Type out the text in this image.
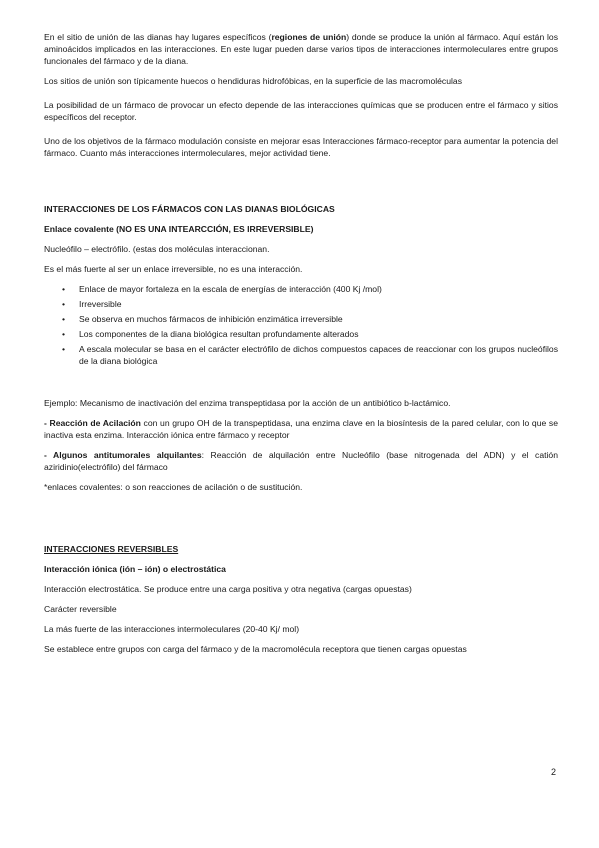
En el sitio de unión de las dianas hay lugares específicos (regiones de unión) donde se produce la unión al fármaco. Aquí están los aminoácidos implicados en las interacciones. En este lugar pueden darse varios tipos de interacciones intermoleculares entre grupos funcionales del fármaco y de la diana.

Los sitios de unión son típicamente huecos o hendiduras hidrofóbicas, en la superficie de las macromoléculas

La posibilidad de un fármaco de provocar un efecto depende de las interacciones químicas que se producen entre el fármaco y sitios específicos del receptor.

Uno de los objetivos de la fármaco modulación consiste en mejorar esas Interacciones fármaco-receptor para aumentar la potencia del fármaco. Cuanto más interacciones intermoleculares, mejor actividad tiene.

INTERACCIONES DE LOS FÁRMACOS CON LAS DIANAS BIOLÓGICAS

Enlace covalente (NO ES UNA INTEARCCIÓN, ES IRREVERSIBLE)

Nucleófilo – electrófilo. (estas dos moléculas interaccionan.

Es el más fuerte al ser un enlace irreversible, no es una interacción.

• Enlace de mayor fortaleza en la escala de energías de interacción (400 Kj /mol)
• Irreversible
• Se observa en muchos fármacos de inhibición enzimática irreversible
• Los componentes de la diana biológica resultan profundamente alterados
• A escala molecular se basa en el carácter electrófilo de dichos compuestos capaces de reaccionar con los grupos nucleófilos de la diana biológica

Ejemplo: Mecanismo de inactivación del enzima transpeptidasa por la acción de un antibiótico b-lactámico.

- Reacción de Acilación con un grupo OH de la transpeptidasa, una enzima clave en la biosíntesis de la pared celular, con lo que se inactiva esta enzima. Interacción iónica entre fármaco y receptor

- Algunos antitumorales alquilantes: Reacción de alquilación entre Nucleófilo (base nitrogenada del ADN) y el catión aziridinio(electrófilo) del fármaco

*enlaces covalentes: o son reacciones de acilación o de sustitución.

INTERACCIONES REVERSIBLES

Interacción iónica (ión – ión) o electrostática

Interacción electrostática. Se produce entre una carga positiva y otra negativa (cargas opuestas)

Carácter reversible

La más fuerte de las interacciones intermoleculares (20-40 Kj/ mol)

Se establece entre grupos con carga del fármaco y de la macromolécula receptora que tienen cargas opuestas

2
